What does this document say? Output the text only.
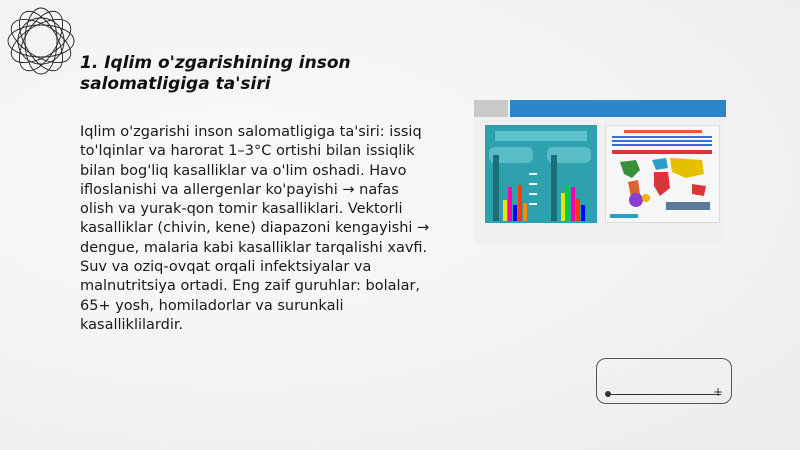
1. Iqlim o'zgarishining inson
salomatligiga ta'siri
Iqlim o'zgarishi inson salomatligiga ta'siri: issiq to'lqinlar va harorat 1–3°C ortishi bilan issiqlik bilan bog'liq kasalliklar va o'lim oshadi. Havo ifloslanishi va allergenlar ko'payishi → nafas olish va yurak-qon tomir kasalliklari. Vektorli kasalliklar (chivin, kene) diapazoni kengayishi → dengue, malaria kabi kasalliklar tarqalishi xavfi. Suv va oziq-ovqat orqali infektsiyalar va malnutritsiya ortadi. Eng zaif guruhlar: bolalar, 65+ yosh, homiladorlar va surunkali kasalliklilardir.
+
